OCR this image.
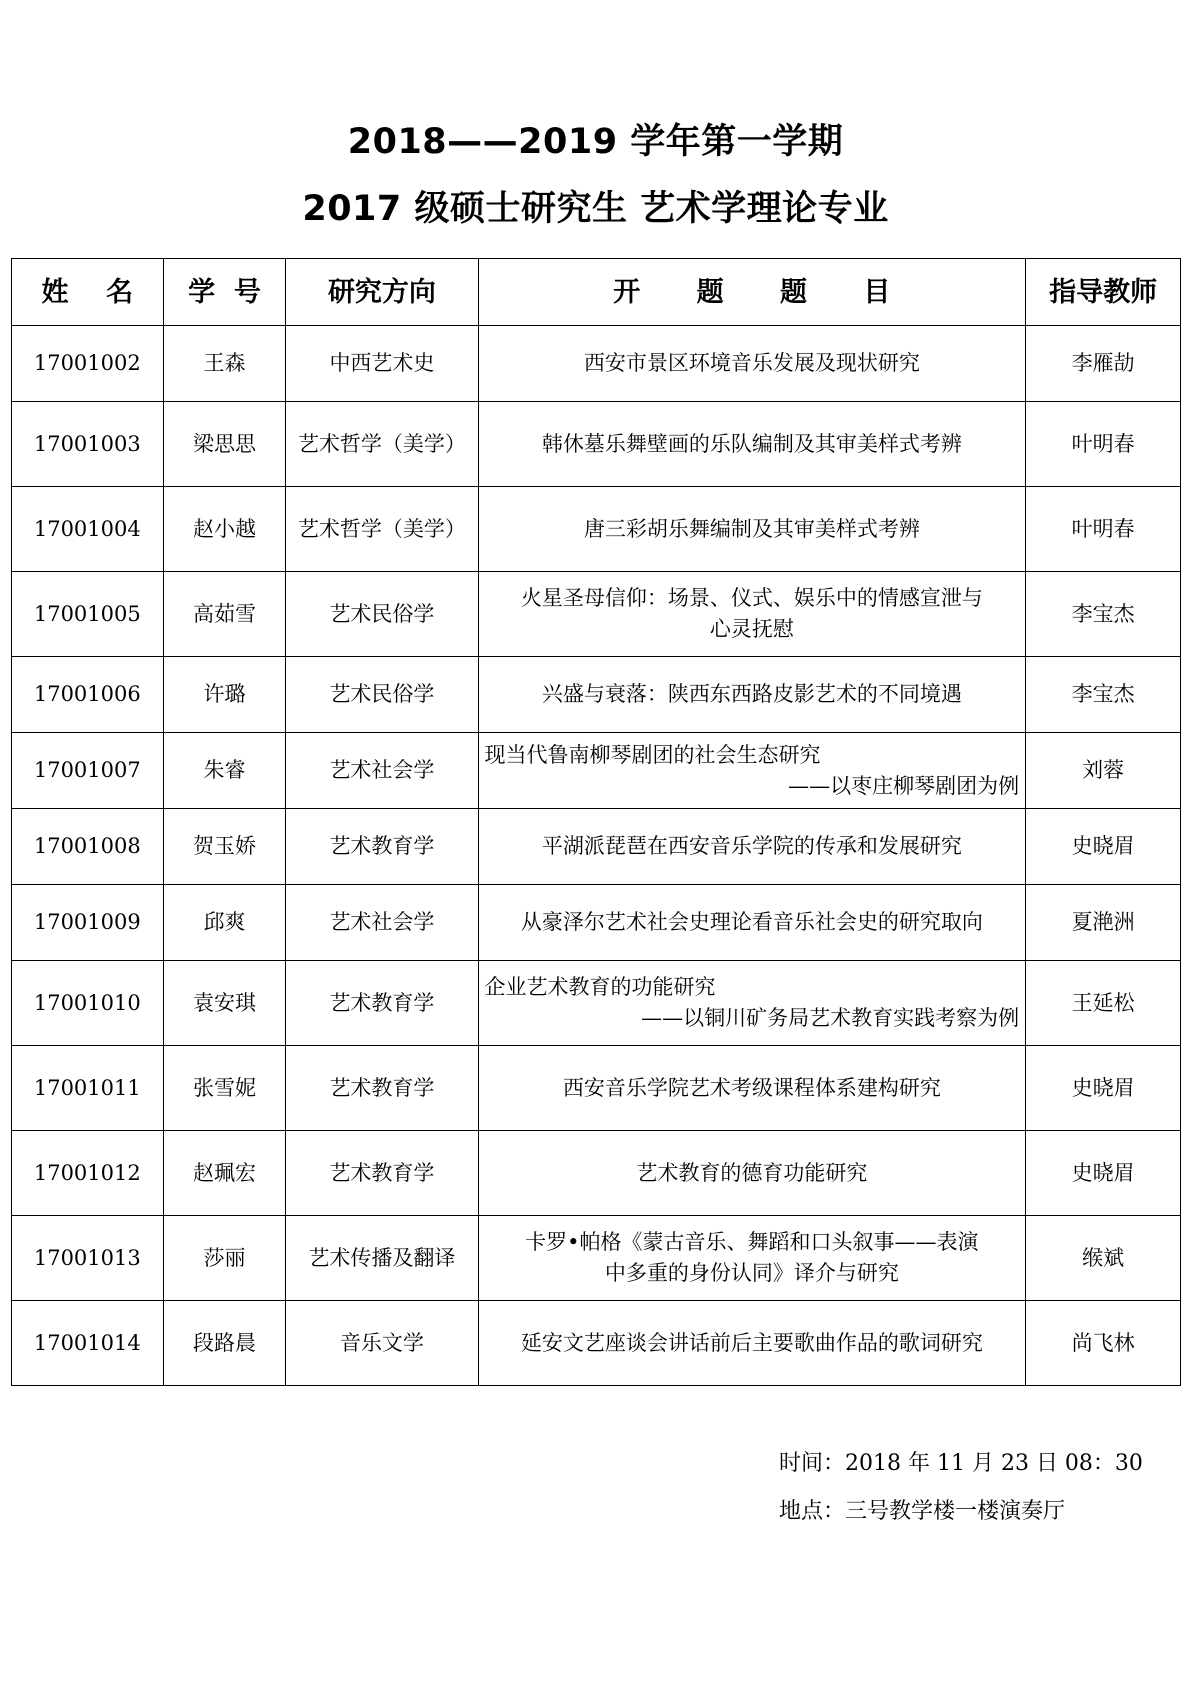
2018——2019 学年第一学期
2017 级硕士研究生 艺术学理论专业
姓    名	学  号	研究方向	开      题      题      目	指导教师
17001002	王森	中西艺术史	西安市景区环境音乐发展及现状研究	李雁劼
17001003	梁思思	艺术哲学（美学）	韩休墓乐舞壁画的乐队编制及其审美样式考辨	叶明春
17001004	赵小越	艺术哲学（美学）	唐三彩胡乐舞编制及其审美样式考辨	叶明春
17001005	高茹雪	艺术民俗学	火星圣母信仰：场景、仪式、娱乐中的情感宣泄与
心灵抚慰	李宝杰
17001006	许璐	艺术民俗学	兴盛与衰落：陕西东西路皮影艺术的不同境遇	李宝杰
17001007	朱睿	艺术社会学	现当代鲁南柳琴剧团的社会生态研究
——以枣庄柳琴剧团为例	刘蓉
17001008	贺玉娇	艺术教育学	平湖派琵琶在西安音乐学院的传承和发展研究	史晓眉
17001009	邱爽	艺术社会学	从豪泽尔艺术社会史理论看音乐社会史的研究取向	夏滟洲
17001010	袁安琪	艺术教育学	企业艺术教育的功能研究
——以铜川矿务局艺术教育实践考察为例	王延松
17001011	张雪妮	艺术教育学	西安音乐学院艺术考级课程体系建构研究	史晓眉
17001012	赵珮宏	艺术教育学	艺术教育的德育功能研究	史晓眉
17001013	莎丽	艺术传播及翻译	卡罗•帕格《蒙古音乐、舞蹈和口头叙事——表演
中多重的身份认同》译介与研究	缑斌
17001014	段路晨	音乐文学	延安文艺座谈会讲话前后主要歌曲作品的歌词研究	尚飞林
时间：2018 年 11 月 23 日 08：30
地点：三号教学楼一楼演奏厅
